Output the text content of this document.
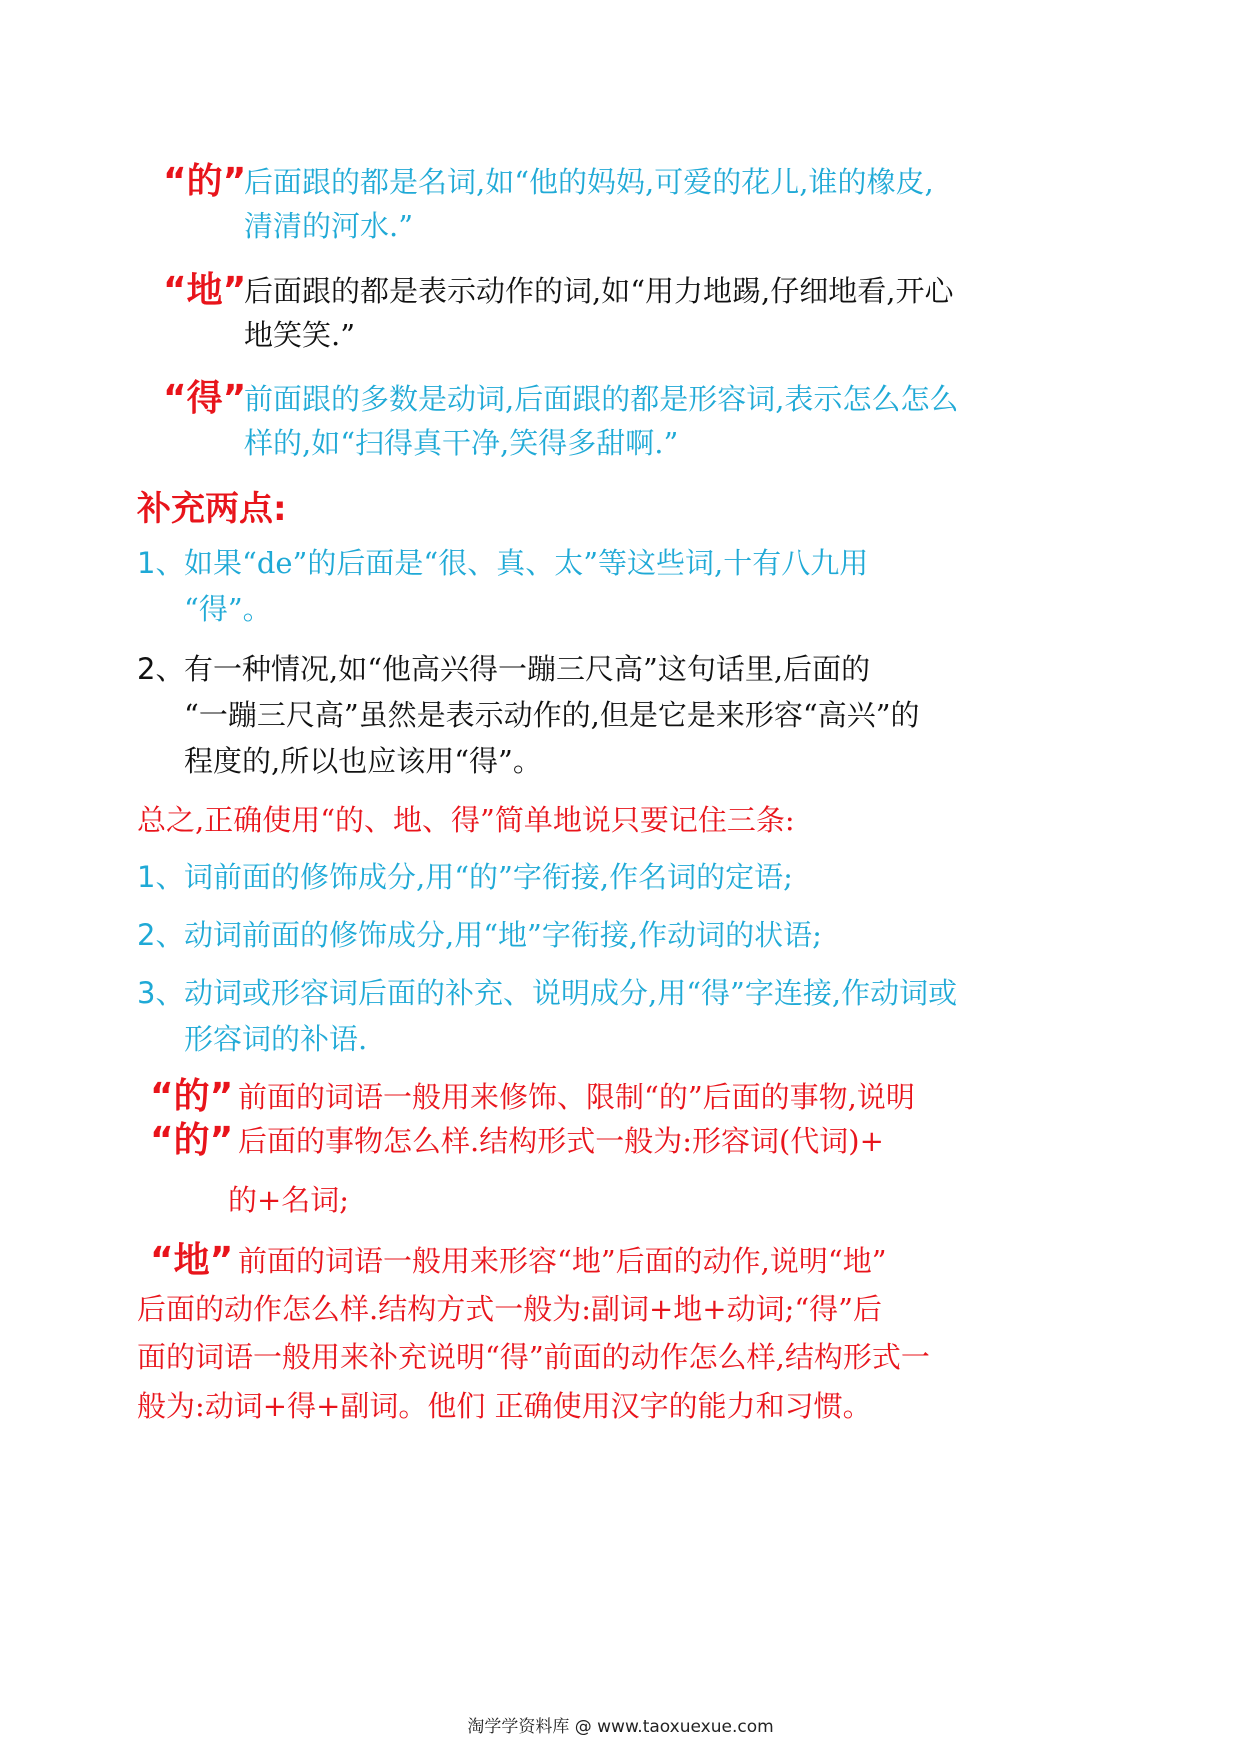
“的”
后面跟的都是名词,如“他的妈妈,可爱的花儿,谁的橡皮,
清清的河水.”
“地”
后面跟的都是表示动作的词,如“用力地踢,仔细地看,开心
地笑笑.”
“得”
前面跟的多数是动词,后面跟的都是形容词,表示怎么怎么
样的,如“扫得真干净,笑得多甜啊.”
补充两点:
1、 如果“de”的后面是“很、真、太”等这些词,十有八九用
“得”。
2、 有一种情况,如“他高兴得一蹦三尺高”这句话里,后面的
“一蹦三尺高”虽然是表示动作的,但是它是来形容“高兴”的
程度的,所以也应该用“得”。
总之,正确使用“的、地、得”简单地说只要记住三条:
1、 词前面的修饰成分,用“的”字衔接,作名词的定语;
2、 动词前面的修饰成分,用“地”字衔接,作动词的状语;
3、 动词或形容词后面的补充、说明成分,用“得”字连接,作动词或
形容词的补语.
“的” 前面的词语一般用来修饰、限制“的”后面的事物,说明
“的” 后面的事物怎么样.结构形式一般为:形容词(代词)+
的+名词;
“地” 前面的词语一般用来形容“地”后面的动作,说明“地”
后面的动作怎么样.结构方式一般为:副词+地+动词;“得”后
面的词语一般用来补充说明“得”前面的动作怎么样,结构形式一
般为:动词+得+副词。他们 正确使用汉字的能力和习惯。
淘学学资料库 @ www.taoxuexue.com
